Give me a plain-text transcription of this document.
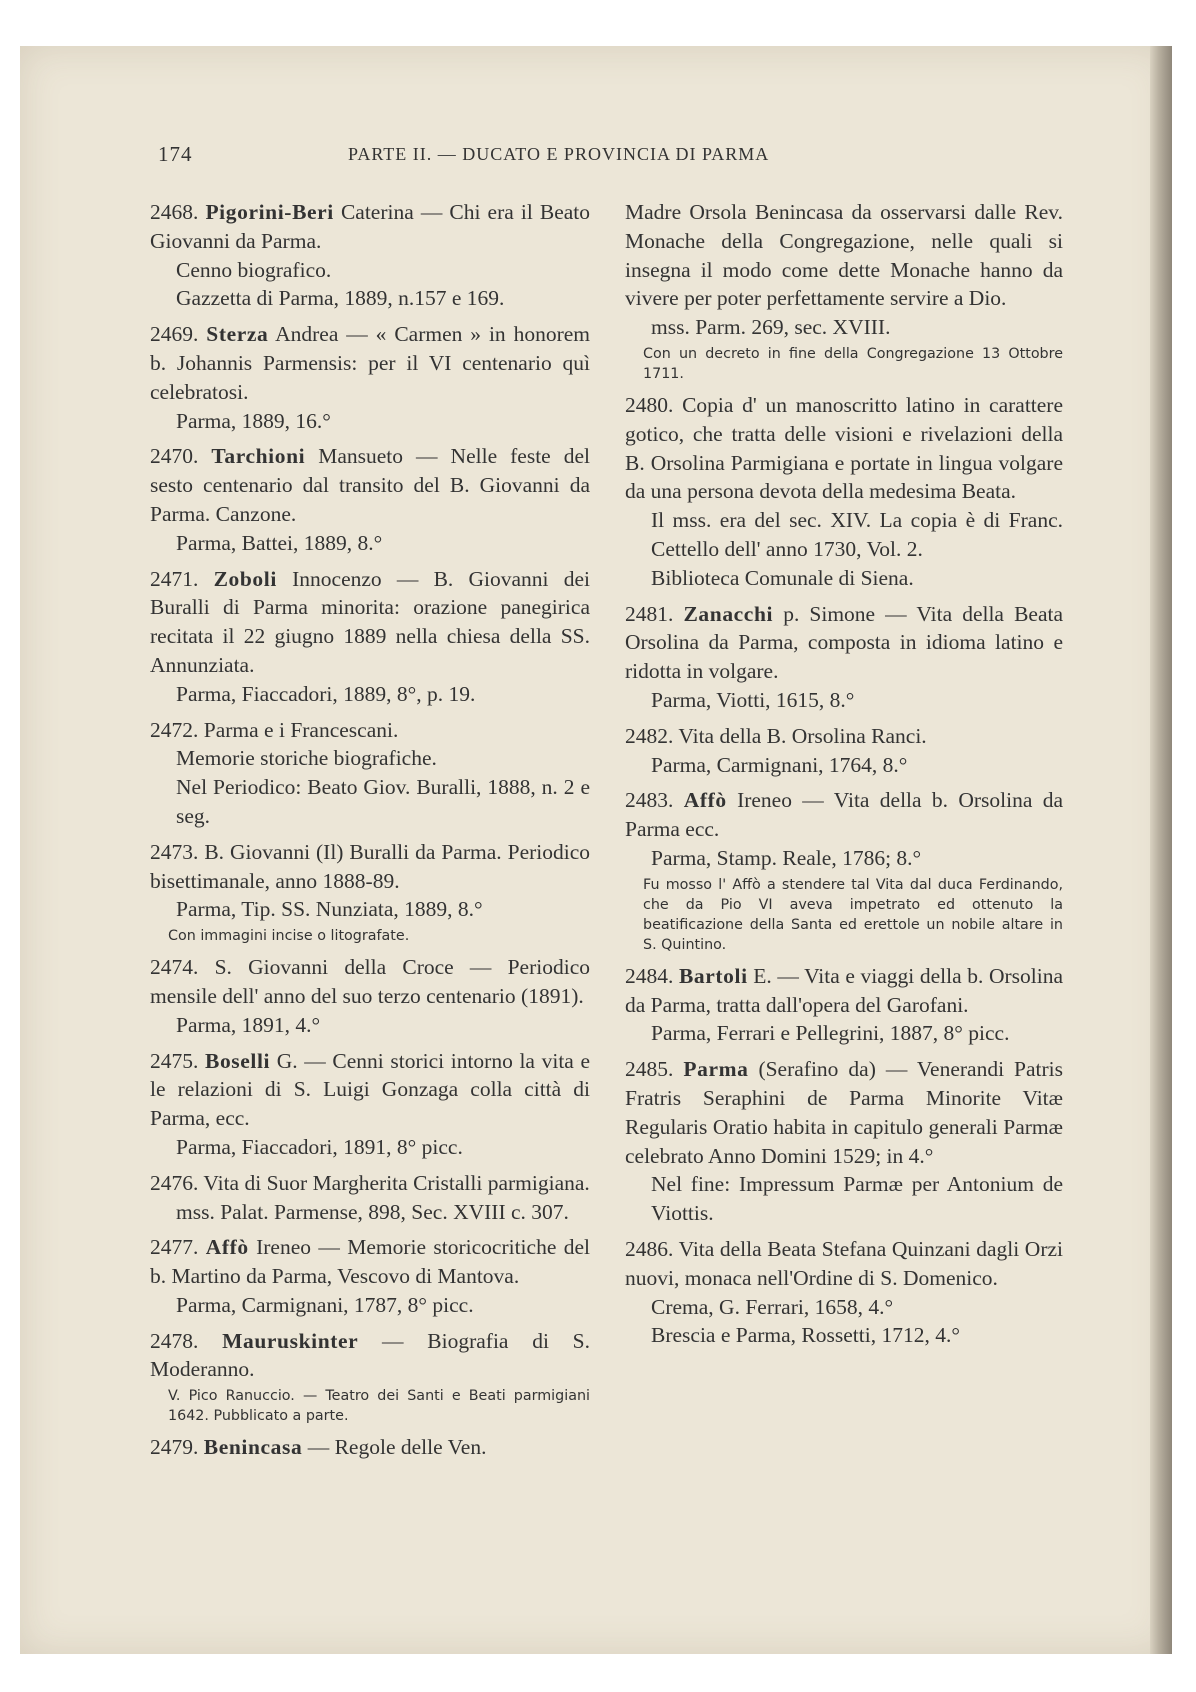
174	PARTE II. — DUCATO E PROVINCIA DI PARMA
2468. Pigorini-Beri Caterina — Chi era il Beato Giovanni da Parma.
Cenno biografico.
Gazzetta di Parma, 1889, n.157 e 169.
2469. Sterza Andrea — « Carmen » in honorem b. Johannis Parmensis: per il VI centenario quì celebratosi.
Parma, 1889, 16.°
2470. Tarchioni Mansueto — Nelle feste del sesto centenario dal transito del B. Giovanni da Parma. Canzone.
Parma, Battei, 1889, 8.°
2471. Zoboli Innocenzo — B. Giovanni dei Buralli di Parma minorita: orazione panegirica recitata il 22 giugno 1889 nella chiesa della SS. Annunziata.
Parma, Fiaccadori, 1889, 8°, p. 19.
2472. Parma e i Francescani.
Memorie storiche biografiche.
Nel Periodico: Beato Giov. Buralli, 1888, n. 2 e seg.
2473. B. Giovanni (Il) Buralli da Parma. Periodico bisettimanale, anno 1888-89.
Parma, Tip. SS. Nunziata, 1889, 8.°
Con immagini incise o litografate.
2474. S. Giovanni della Croce — Periodico mensile dell' anno del suo terzo centenario (1891).
Parma, 1891, 4.°
2475. Boselli G. — Cenni storici intorno la vita e le relazioni di S. Luigi Gonzaga colla città di Parma, ecc.
Parma, Fiaccadori, 1891, 8° picc.
2476. Vita di Suor Margherita Cristalli parmigiana.
mss. Palat. Parmense, 898, Sec. XVIII c. 307.
2477. Affò Ireneo — Memorie storicocritiche del b. Martino da Parma, Vescovo di Mantova.
Parma, Carmignani, 1787, 8° picc.
2478. Mauruskinter — Biografia di S. Moderanno.
V. Pico Ranuccio. — Teatro dei Santi e Beati parmigiani 1642. Pubblicato a parte.
2479. Benincasa — Regole delle Ven.
Madre Orsola Benincasa da osservarsi dalle Rev. Monache della Congregazione, nelle quali si insegna il modo come dette Monache hanno da vivere per poter perfettamente servire a Dio.
mss. Parm. 269, sec. XVIII.
Con un decreto in fine della Congregazione 13 Ottobre 1711.
2480. Copia d' un manoscritto latino in carattere gotico, che tratta delle visioni e rivelazioni della B. Orsolina Parmigiana e portate in lingua volgare da una persona devota della medesima Beata.
Il mss. era del sec. XIV. La copia è di Franc. Cettello dell' anno 1730, Vol. 2.
Biblioteca Comunale di Siena.
2481. Zanacchi p. Simone — Vita della Beata Orsolina da Parma, composta in idioma latino e ridotta in volgare.
Parma, Viotti, 1615, 8.°
2482. Vita della B. Orsolina Ranci.
Parma, Carmignani, 1764, 8.°
2483. Affò Ireneo — Vita della b. Orsolina da Parma ecc.
Parma, Stamp. Reale, 1786; 8.°
Fu mosso l' Affò a stendere tal Vita dal duca Ferdinando, che da Pio VI aveva impetrato ed ottenuto la beatificazione della Santa ed erettole un nobile altare in S. Quintino.
2484. Bartoli E. — Vita e viaggi della b. Orsolina da Parma, tratta dall'opera del Garofani.
Parma, Ferrari e Pellegrini, 1887, 8° picc.
2485. Parma (Serafino da) — Venerandi Patris Fratris Seraphini de Parma Minorite Vitæ Regularis Oratio habita in capitulo generali Parmæ celebrato Anno Domini 1529; in 4.°
Nel fine: Impressum Parmæ per Antonium de Viottis.
2486. Vita della Beata Stefana Quinzani dagli Orzi nuovi, monaca nell'Ordine di S. Domenico.
Crema, G. Ferrari, 1658, 4.°
Brescia e Parma, Rossetti, 1712, 4.°
